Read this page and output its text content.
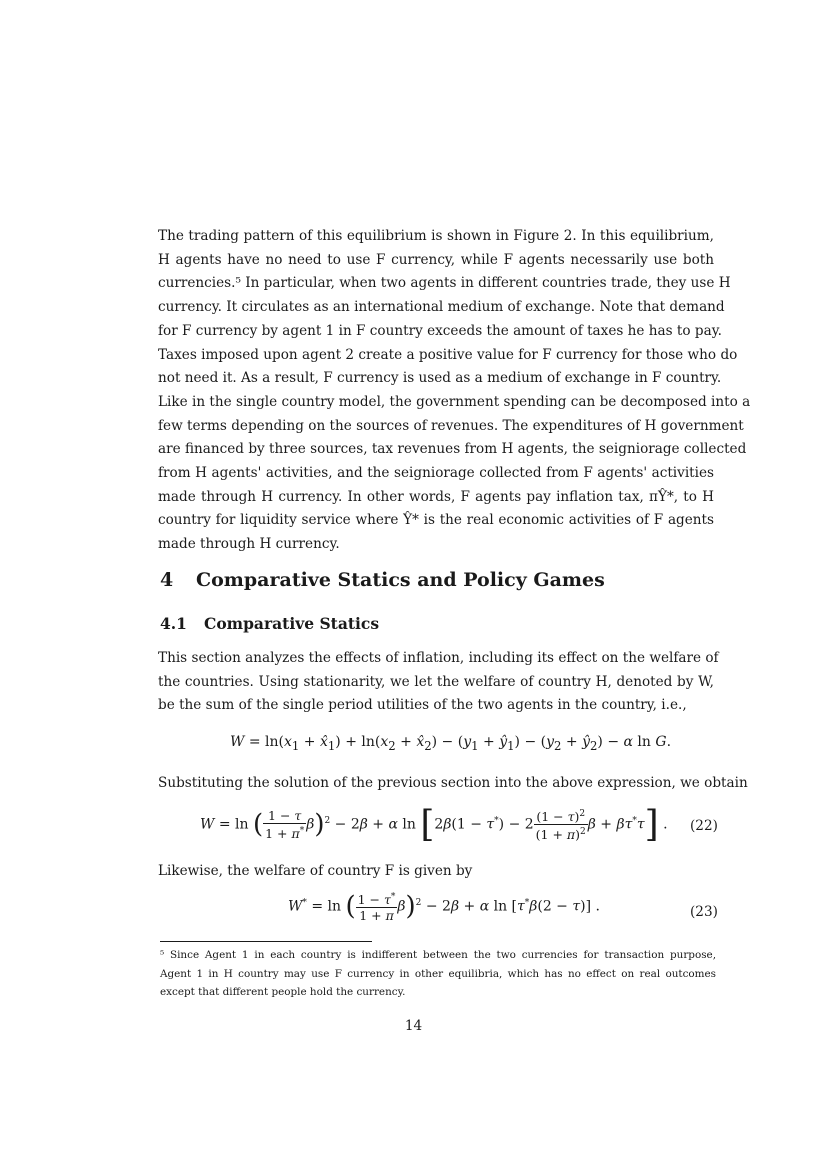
The trading pattern of this equilibrium is shown in Figure 2. In this equilibrium,
H agents have no need to use F currency, while F agents necessarily use both
currencies.⁵ In particular, when two agents in different countries trade, they use H
currency. It circulates as an international medium of exchange. Note that demand
for F currency by agent 1 in F country exceeds the amount of taxes he has to pay.
Taxes imposed upon agent 2 create a positive value for F currency for those who do
not need it. As a result, F currency is used as a medium of exchange in F country.
Like in the single country model, the government spending can be decomposed into a
few terms depending on the sources of revenues. The expenditures of H government
are financed by three sources, tax revenues from H agents, the seigniorage collected
from H agents' activities, and the seigniorage collected from F agents' activities
made through H currency. In other words, F agents pay inflation tax, πŶ*, to H
country for liquidity service where Ŷ* is the real economic activities of F agents
made through H currency.

4 Comparative Statics and Policy Games
4.1 Comparative Statics

This section analyzes the effects of inflation, including its effect on the welfare of
the countries. Using stationarity, we let the welfare of country H, denoted by W,
be the sum of the single period utilities of the two agents in the country, i.e.,

$W = \ln(x_1$ + $x̂_1) + \ln(x_2$ + $x̂_2) - (y_1$ + $ŷ_1) - (y_2$ + $ŷ_2) - \alpha$ ln G.

Substituting the solution of the previous section into the above expression, we obtain

W = ln ( $\frac{1 - \tau}{1 + \pi^*} \beta)^2 - 2\beta + \alpha$ $\ln [2\beta(1 - \tau^*) - 2 \frac{(1 - \tau)^2}{(1 + \pi)^2}$ β + βτ*τ] . (22)

Likewise, the welfare of country F is given by

W* = ln ( $\frac{1 - \tau^*}{1 + \pi} \beta)^2 - 2\beta + \alpha$ ln [τ*β(2 − τ)] .	(23)
⁵ Since Agent 1 in each country is indifferent between the two currencies for transaction purpose,
Agent 1 in H country may use F currency in other equilibria, which has no effect on real outcomes
except that different people hold the currency.
14
